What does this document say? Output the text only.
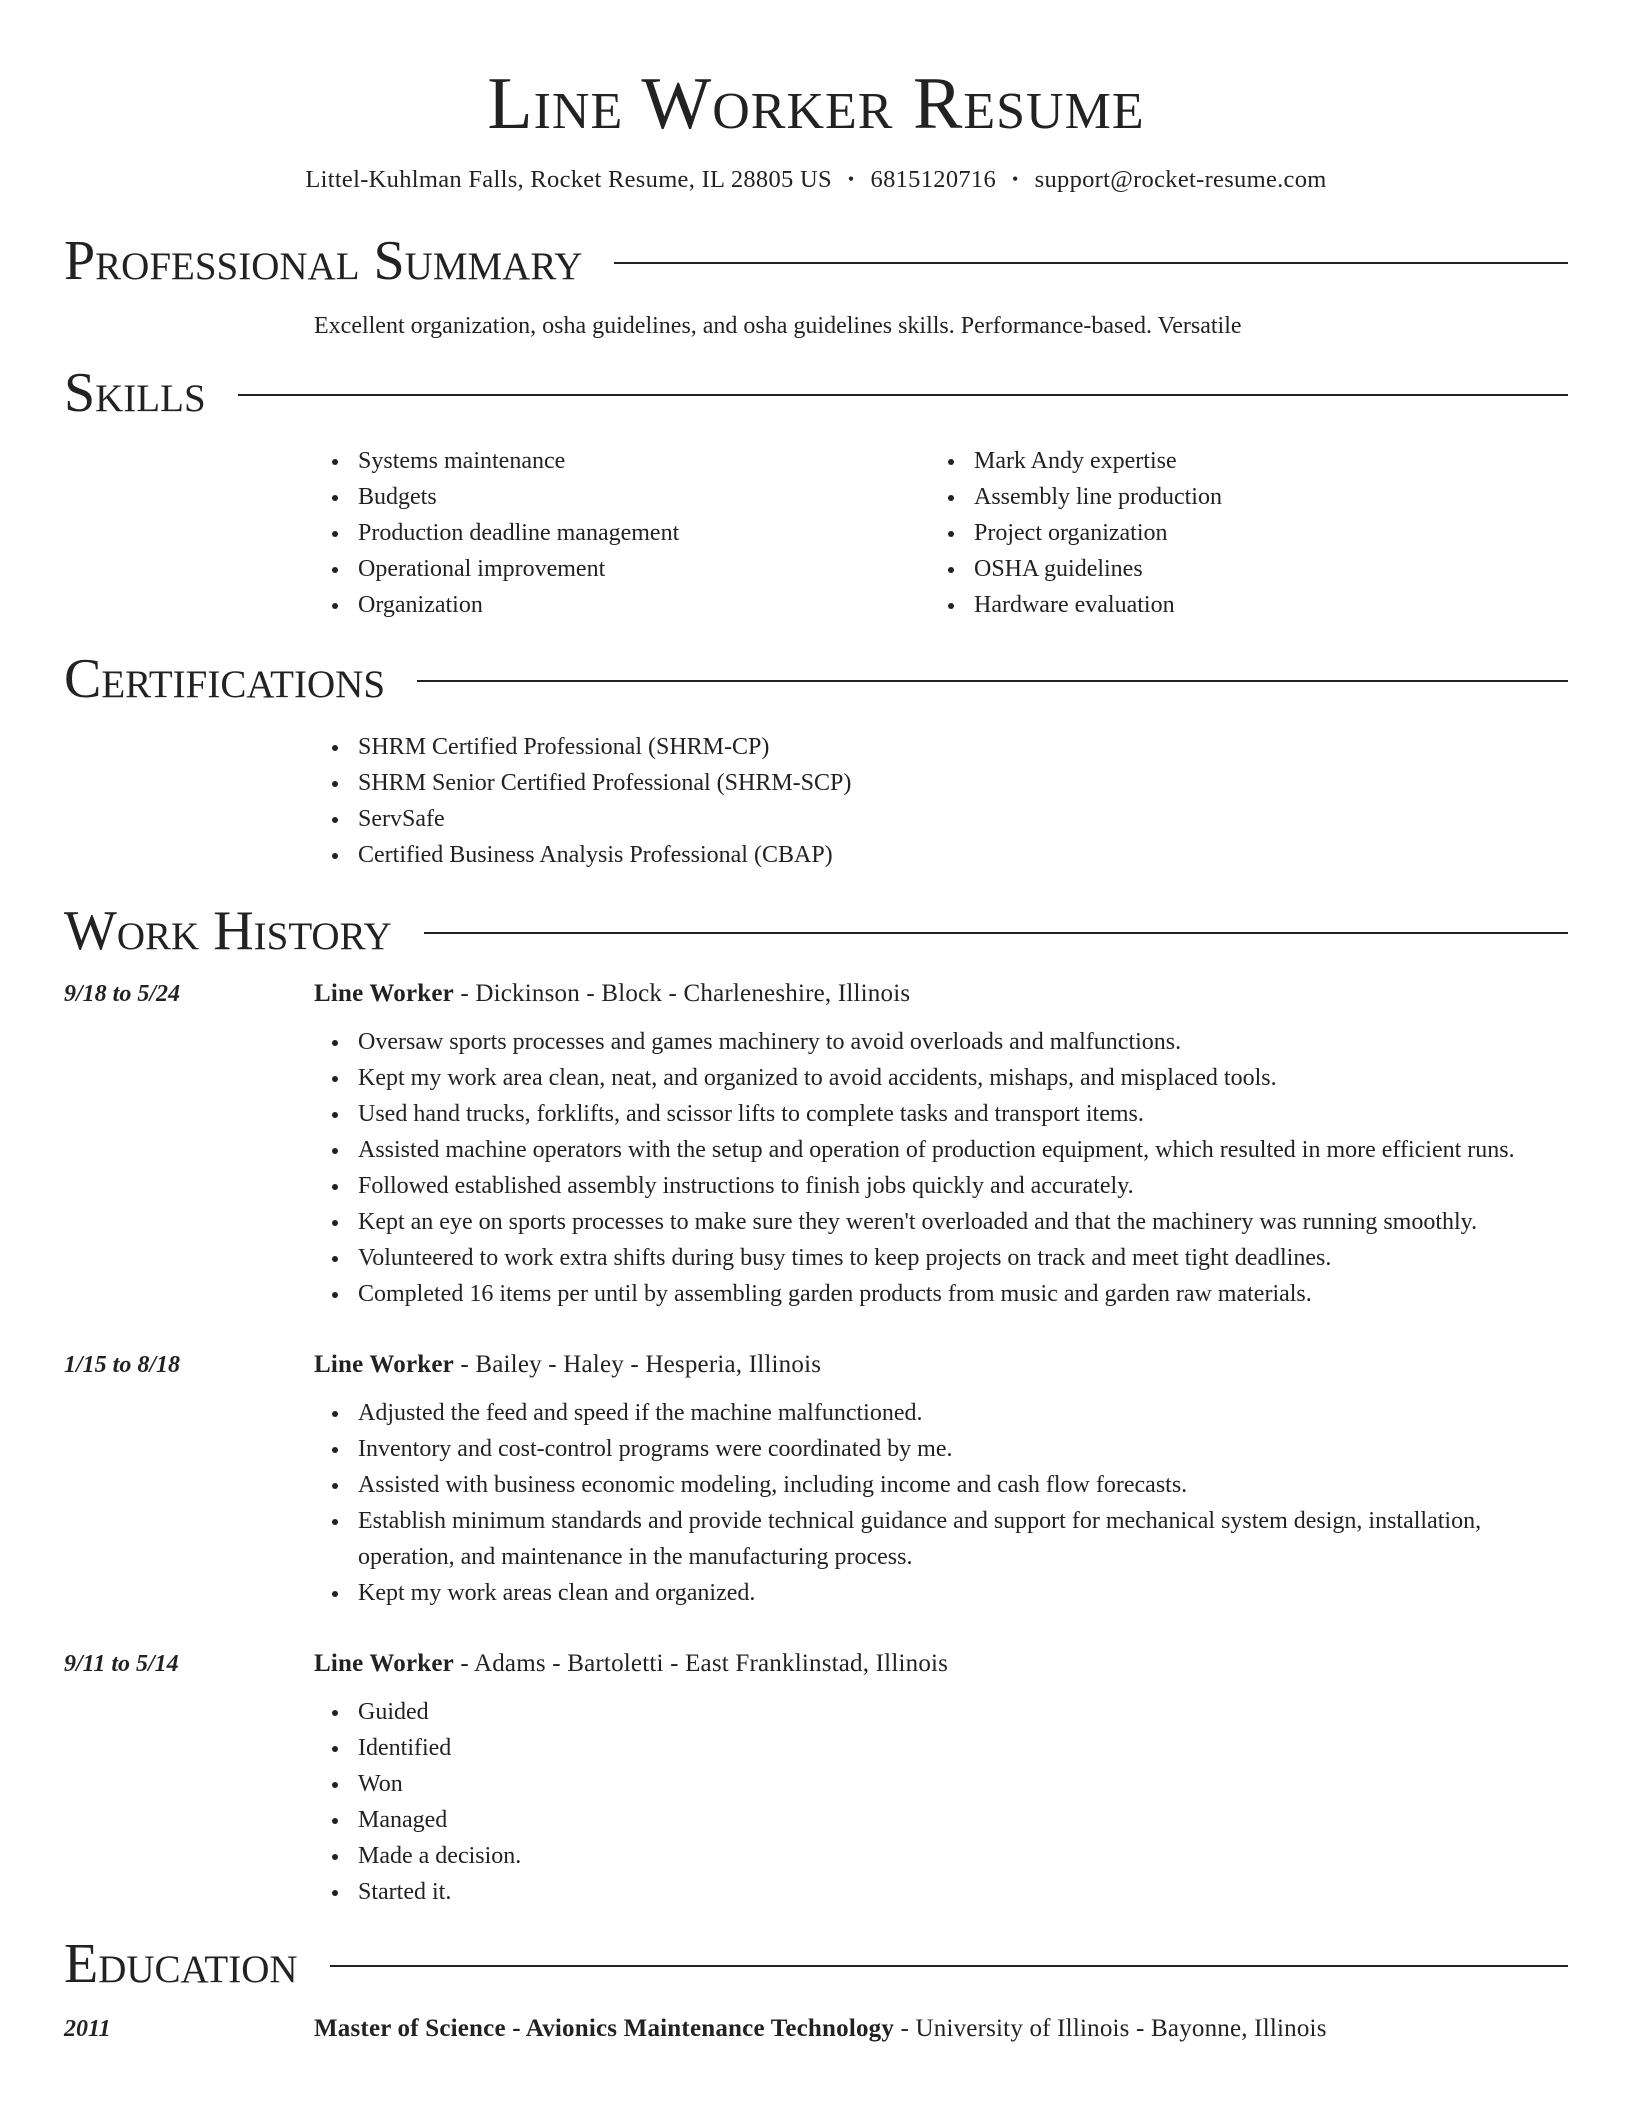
Line Worker Resume
Littel-Kuhlman Falls, Rocket Resume, IL 28805 US • 6815120716 • support@rocket-resume.com
Professional Summary
Excellent organization, osha guidelines, and osha guidelines skills. Performance-based. Versatile
Skills
Systems maintenance
Budgets
Production deadline management
Operational improvement
Organization
Mark Andy expertise
Assembly line production
Project organization
OSHA guidelines
Hardware evaluation
Certifications
SHRM Certified Professional (SHRM-CP)
SHRM Senior Certified Professional (SHRM-SCP)
ServSafe
Certified Business Analysis Professional (CBAP)
Work History
9/18 to 5/24	Line Worker - Dickinson - Block - Charleneshire, Illinois
Oversaw sports processes and games machinery to avoid overloads and malfunctions.
Kept my work area clean, neat, and organized to avoid accidents, mishaps, and misplaced tools.
Used hand trucks, forklifts, and scissor lifts to complete tasks and transport items.
Assisted machine operators with the setup and operation of production equipment, which resulted in more efficient runs.
Followed established assembly instructions to finish jobs quickly and accurately.
Kept an eye on sports processes to make sure they weren't overloaded and that the machinery was running smoothly.
Volunteered to work extra shifts during busy times to keep projects on track and meet tight deadlines.
Completed 16 items per until by assembling garden products from music and garden raw materials.
1/15 to 8/18	Line Worker - Bailey - Haley - Hesperia, Illinois
Adjusted the feed and speed if the machine malfunctioned.
Inventory and cost-control programs were coordinated by me.
Assisted with business economic modeling, including income and cash flow forecasts.
Establish minimum standards and provide technical guidance and support for mechanical system design, installation, operation, and maintenance in the manufacturing process.
Kept my work areas clean and organized.
9/11 to 5/14	Line Worker - Adams - Bartoletti - East Franklinstad, Illinois
Guided
Identified
Won
Managed
Made a decision.
Started it.
Education
2011	Master of Science - Avionics Maintenance Technology - University of Illinois - Bayonne, Illinois
